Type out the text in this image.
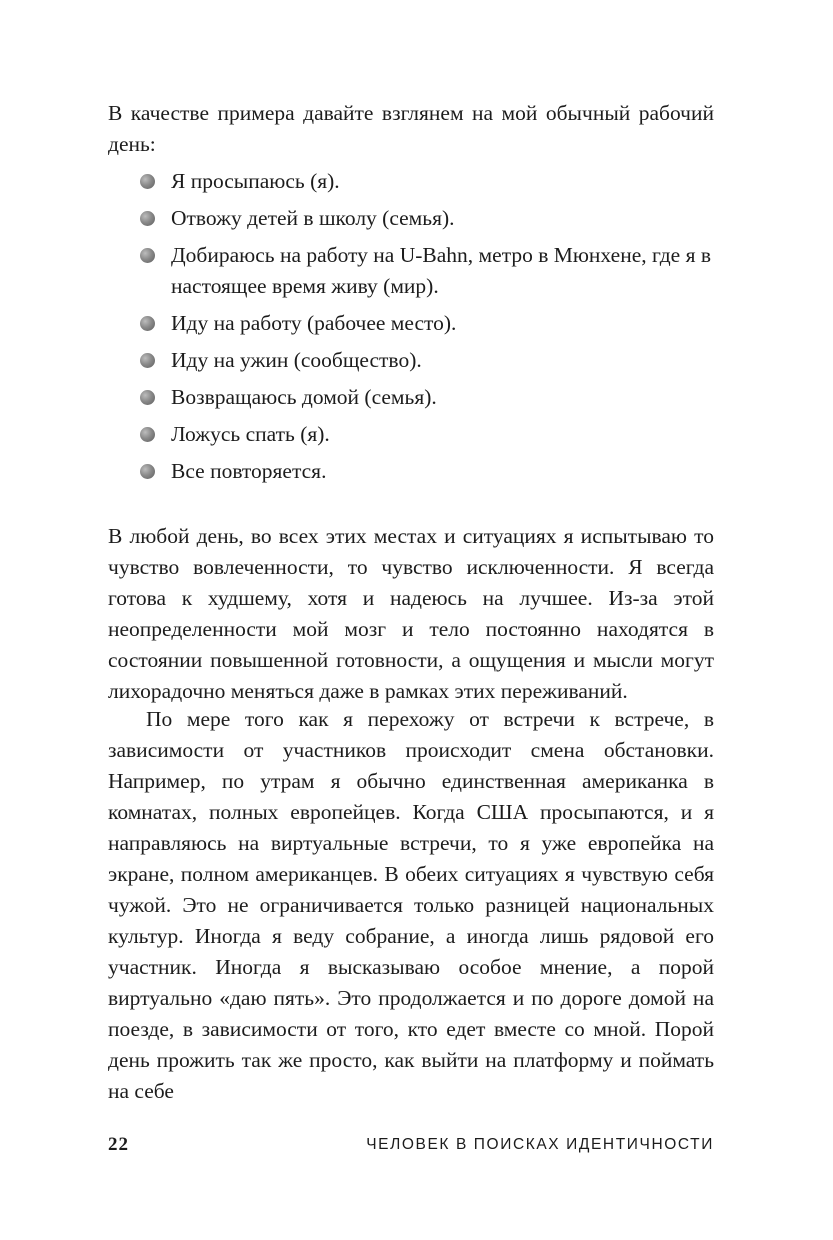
В качестве примера давайте взглянем на мой обычный рабочий день:

Я просыпаюсь (я).
Отвожу детей в школу (семья).
Добираюсь на работу на U-Bahn, метро в Мюнхене, где я в настоящее время живу (мир).
Иду на работу (рабочее место).
Иду на ужин (сообщество).
Возвращаюсь домой (семья).
Ложусь спать (я).
Все повторяется.

В любой день, во всех этих местах и ситуациях я испытываю то чувство вовлеченности, то чувство исключенности. Я всегда готова к худшему, хотя и надеюсь на лучшее. Из-за этой неопределенности мой мозг и тело постоянно находятся в состоянии повышенной готовности, а ощущения и мысли могут лихорадочно меняться даже в рамках этих переживаний.

По мере того как я перехожу от встречи к встрече, в зависимости от участников происходит смена обстановки. Например, по утрам я обычно единственная американка в комнатах, полных европейцев. Когда США просыпаются, и я направляюсь на виртуальные встречи, то я уже европейка на экране, полном американцев. В обеих ситуациях я чувствую себя чужой. Это не ограничивается только разницей национальных культур. Иногда я веду собрание, а иногда лишь рядовой его участник. Иногда я высказываю особое мнение, а порой виртуально «даю пять». Это продолжается и по дороге домой на поезде, в зависимости от того, кто едет вместе со мной. Порой день прожить так же просто, как выйти на платформу и поймать на себе

22	ЧЕЛОВЕК В ПОИСКАХ ИДЕНТИЧНОСТИ
